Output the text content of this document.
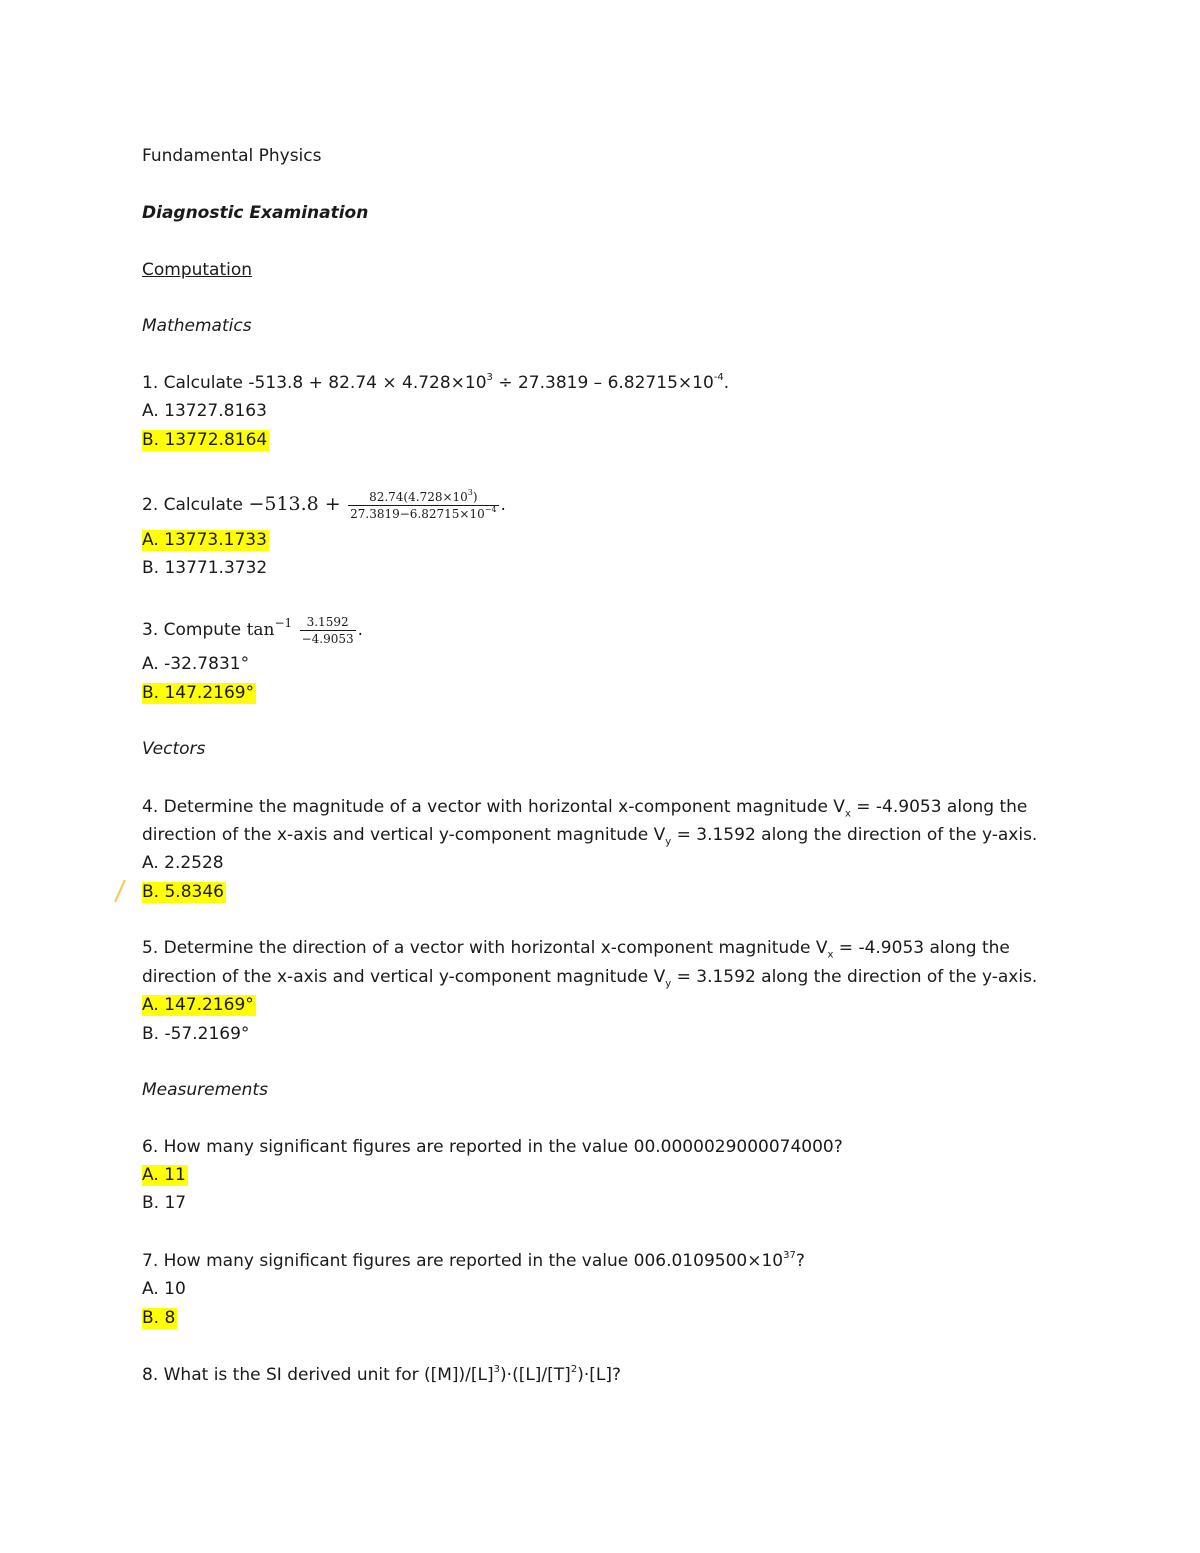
Fundamental Physics
Diagnostic Examination
Computation
Mathematics
1. Calculate $-513.8 + 82.74 \times 4.728\times 10^3 \div 27.3819 - 6.82715\times 10^{-4}$.
A. 13727.8163
B. 13772.8164
2. Calculate $-513.8 + \frac{82.74(4.728\times 10^3)}{27.3819-6.82715\times 10^{-4}}$ .
A. 13773.1733
B. 13771.3732
3. Compute $\tan^{-1} \frac{3.1592}{-4.9053}$ .
A. -32.7831°
B. 147.2169°
Vectors
4. Determine the magnitude of a vector with horizontal x-component magnitude $V_x = -4.9053$ along the
direction of the x-axis and vertical y-component magnitude $V_y = 3.1592$ along the direction of the y-axis.
A. 2.2528
B. 5.8346
5. Determine the direction of a vector with horizontal x-component magnitude $V_x = -4.9053$ along the
direction of the x-axis and vertical y-component magnitude $V_y = 3.1592$ along the direction of the y-axis.
A. 147.2169°
B. -57.2169°
Measurements
6. How many significant figures are reported in the value 00.0000029000074000?
A. 11
B. 17
7. How many significant figures are reported in the value $006.0109500\times 10^{37}$?
A. 10
B. 8
8. What is the SI derived unit for $([M])/[L]^3)\cdot([L]/[T]^2)\cdot[L]$?
